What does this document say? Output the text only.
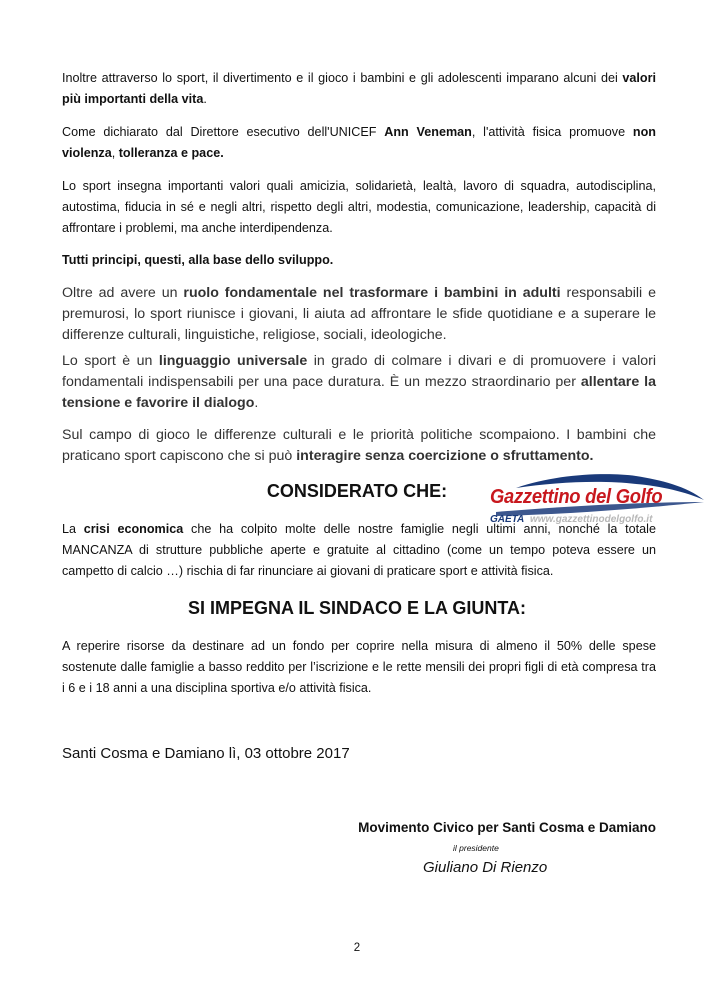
Inoltre attraverso lo sport, il divertimento e il gioco i bambini e gli adolescenti imparano alcuni dei valori più importanti della vita.

Come dichiarato dal Direttore esecutivo dell'UNICEF Ann Veneman, l'attività fisica promuove non violenza, tolleranza e pace.

Lo sport insegna importanti valori quali amicizia, solidarietà, lealtà, lavoro di squadra, autodisciplina, autostima, fiducia in sé e negli altri, rispetto degli altri, modestia, comunicazione, leadership, capacità di affrontare i problemi, ma anche interdipendenza.

Tutti principi, questi, alla base dello sviluppo.

Oltre ad avere un ruolo fondamentale nel trasformare i bambini in adulti responsabili e premurosi, lo sport riunisce i giovani, li aiuta ad affrontare le sfide quotidiane e a superare le differenze culturali, linguistiche, religiose, sociali, ideologiche.

Lo sport è un linguaggio universale in grado di colmare i divari e di promuovere i valori fondamentali indispensabili per una pace duratura. È un mezzo straordinario per allentare la tensione e favorire il dialogo.

Sul campo di gioco le differenze culturali e le priorità politiche scompaiono. I bambini che praticano sport capiscono che si può interagire senza coercizione o sfruttamento.

CONSIDERATO CHE:

La crisi economica che ha colpito molte delle nostre famiglie negli ultimi anni, nonché la totale MANCANZA di strutture pubbliche aperte e gratuite al cittadino (come un tempo poteva essere un campetto di calcio …) rischia di far rinunciare ai giovani di praticare sport e attività fisica.

SI IMPEGNA IL SINDACO E LA GIUNTA:

A reperire risorse da destinare ad un fondo per coprire nella misura di almeno il 50% delle spese sostenute dalle famiglie a basso reddito per l’iscrizione e le rette mensili dei propri figli di età compresa tra i 6 e i 18 anni a una disciplina sportiva e/o attività fisica.

Santi Cosma e Damiano lì, 03 ottobre 2017
Movimento Civico per Santi Cosma e Damiano
il presidente
Giuliano Di Rienzo
2
Gazzettino del Golfo
GAETA www.gazzettinodelgolfo.it
